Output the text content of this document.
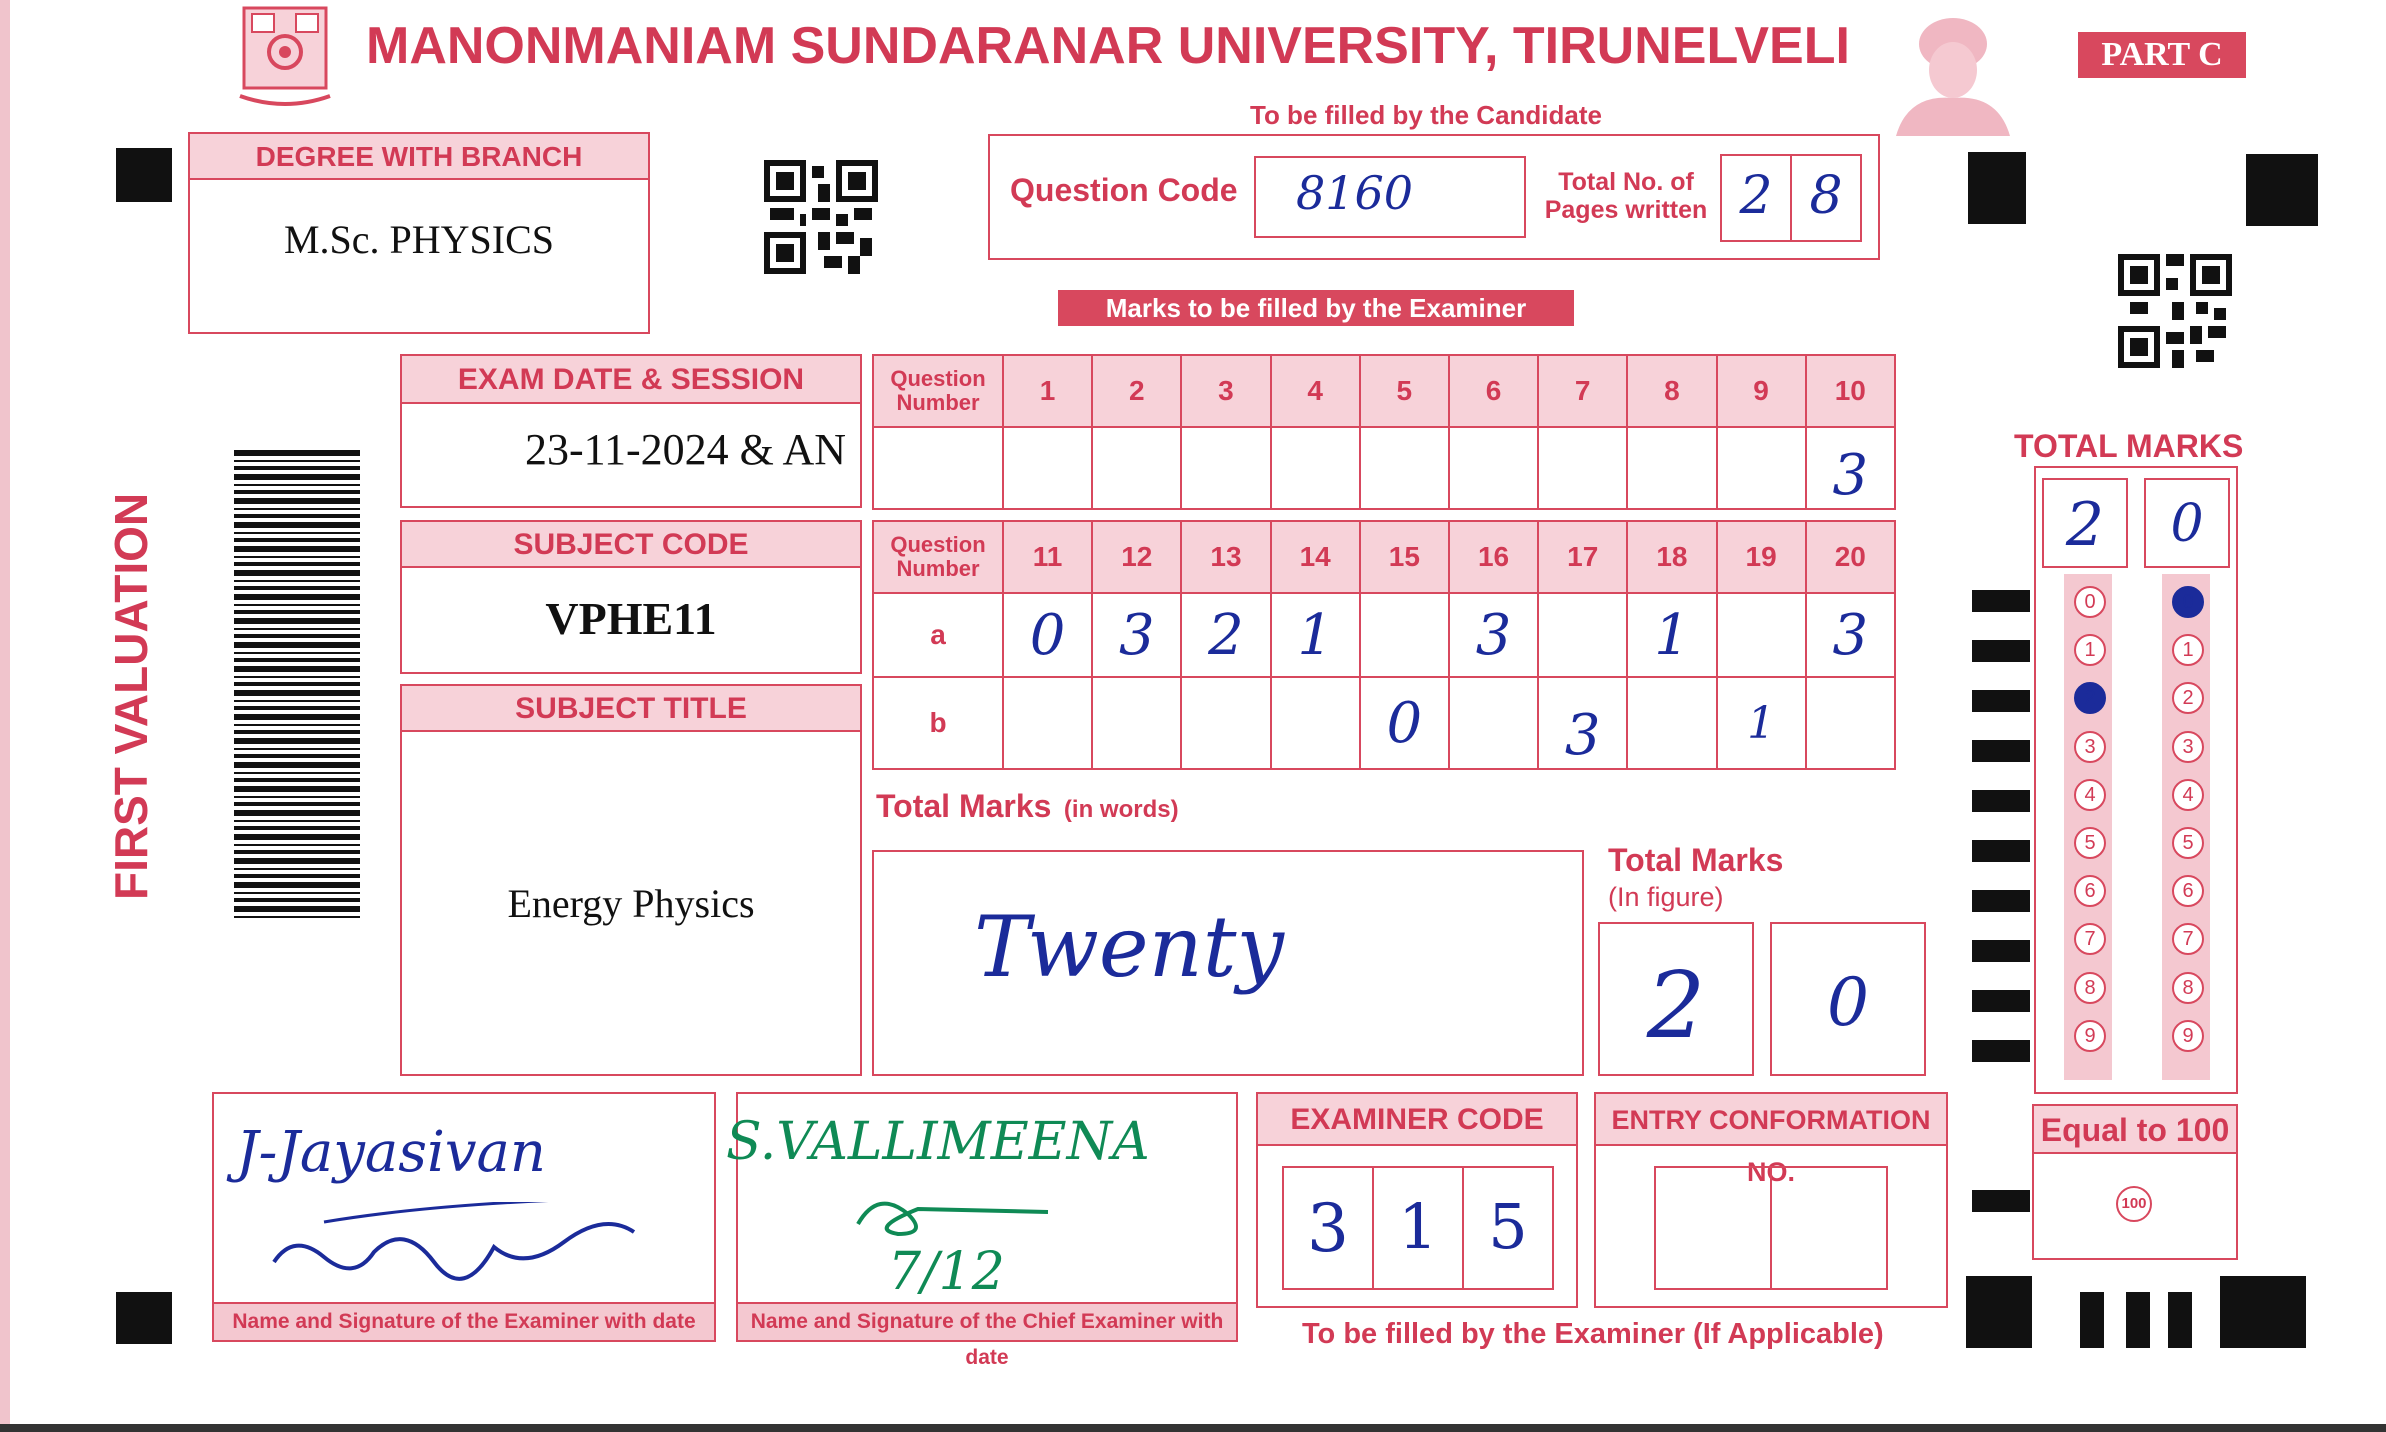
MANONMANIAM SUNDARANAR UNIVERSITY, TIRUNELVELI	PART C
To be filled by the Candidate
DEGREE WITH BRANCH
M.Sc. PHYSICS
Question Code 8160	Total No. of Pages written 2 8
Marks to be filled by the Examiner
FIRST VALUATION
EXAM DATE & SESSION
23-11-2024 & AN
SUBJECT CODE
VPHE11
SUBJECT TITLE
Energy Physics
Question Number	1	2	3	4	5	6	7	8	9	10
										3
Question Number	11	12	13	14	15	16	17	18	19	20
a	0	3	2	1		3		1		3
b					0		3		1	
Total Marks (in words)
Twenty
Total Marks
(In figure)
2	0
TOTAL MARKS
2	0
0
1
2
3
4
5
6
7
8
9
0
1
2
3
4
5
6
7
8
9
Equal to 100
100
J-Jayasivan
Name and Signature of the Examiner with date
S.VALLIMEENA
7/12
Name and Signature of the Chief Examiner with date
EXAMINER CODE
3 1 5
ENTRY CONFORMATION NO.
To be filled by the Examiner (If Applicable)
